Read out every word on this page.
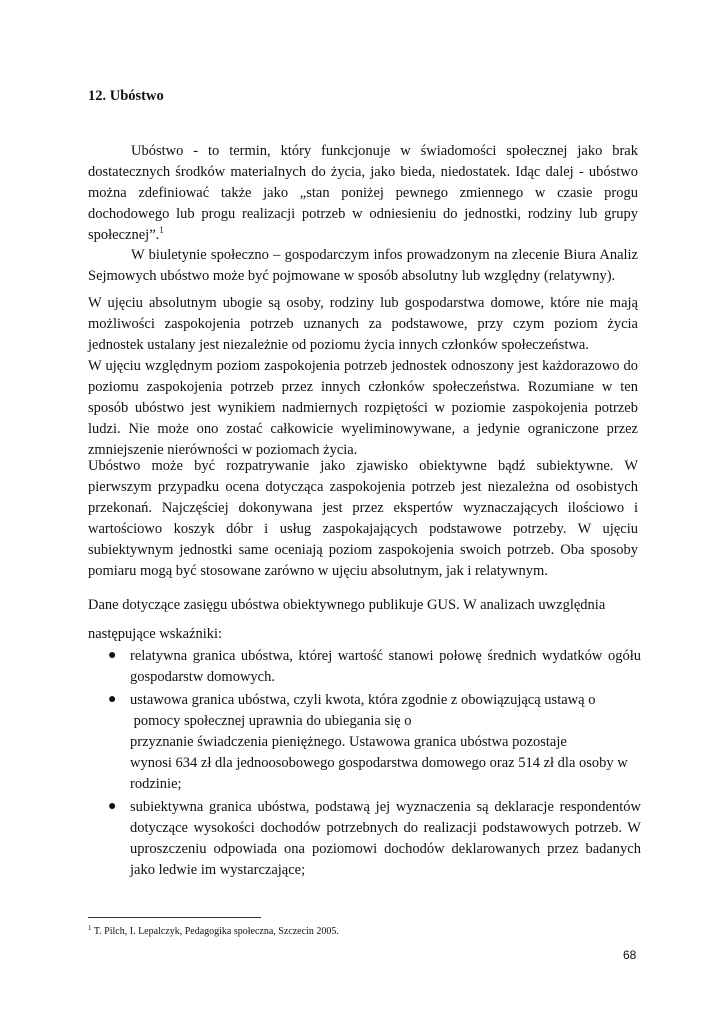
12. Ubóstwo
Ubóstwo - to termin, który funkcjonuje w świadomości społecznej jako brak
dostatecznych środków materialnych do życia, jako bieda, niedostatek. Idąc dalej - ubóstwo
można zdefiniować także jako „stan poniżej pewnego zmiennego w czasie progu
dochodowego lub progu realizacji potrzeb w odniesieniu do jednostki, rodziny lub grupy
społecznej”.$^1$
W biuletynie społeczno – gospodarczym infos prowadzonym na zlecenie Biura Analiz
Sejmowych ubóstwo może być pojmowane w sposób absolutny lub względny (relatywny).
W ujęciu absolutnym ubogie są osoby, rodziny lub gospodarstwa domowe, które nie mają
możliwości zaspokojenia potrzeb uznanych za podstawowe, przy czym poziom życia
jednostek ustalany jest niezależnie od poziomu życia innych członków społeczeństwa.
W ujęciu względnym poziom zaspokojenia potrzeb jednostek odnoszony jest każdorazowo do
poziomu zaspokojenia potrzeb przez innych członków społeczeństwa. Rozumiane w ten
sposób ubóstwo jest wynikiem nadmiernych rozpiętości w poziomie zaspokojenia potrzeb
ludzi. Nie może ono zostać całkowicie wyeliminowywane, a jedynie ograniczone przez
zmniejszenie nierówności w poziomach życia.
Ubóstwo może być rozpatrywanie jako zjawisko obiektywne bądź subiektywne. W
pierwszym przypadku ocena dotycząca zaspokojenia potrzeb jest niezależna od osobistych
przekonań. Najczęściej dokonywana jest przez ekspertów wyznaczających ilościowo i
wartościowo koszyk dóbr i usług zaspokajających podstawowe potrzeby. W ujęciu
subiektywnym jednostki same oceniają poziom zaspokojenia swoich potrzeb. Oba sposoby
pomiaru mogą być stosowane zarówno w ujęciu absolutnym, jak i relatywnym.
Dane dotyczące zasięgu ubóstwa obiektywnego publikuje GUS. W analizach uwzględnia
następujące wskaźniki:
● relatywna granica ubóstwa, której wartość stanowi połowę średnich wydatków ogółu
gospodarstw domowych.
● ustawowa granica ubóstwa, czyli kwota, która zgodnie z obowiązującą ustawą o
pomocy społecznej uprawnia do ubiegania się o
przyznanie świadczenia pieniężnego. Ustawowa granica ubóstwa pozostaje
wynosi 634 zł dla jednoosobowego gospodarstwa domowego oraz 514 zł dla osoby w
rodzinie;
● subiektywna granica ubóstwa, podstawą jej wyznaczenia są deklaracje respondentów
dotyczące wysokości dochodów potrzebnych do realizacji podstawowych potrzeb. W
uproszczeniu odpowiada ona poziomowi dochodów deklarowanych przez badanych
jako ledwie im wystarczające;
$^1$ T. Pilch, I. Lepalczyk, Pedagogika społeczna, Szczecin 2005.
68
